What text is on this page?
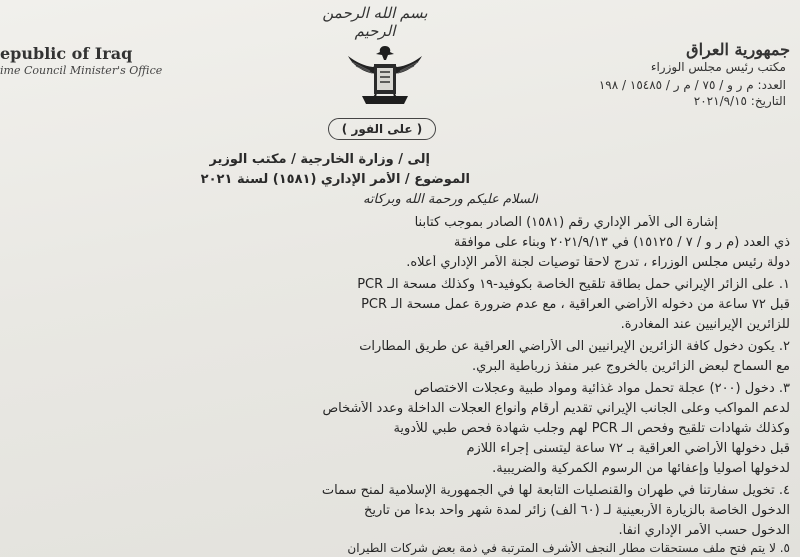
بسم الله الرحمن الرحيم
epublic of Iraq
ime Council Minister's Office
جمهورية العراق
مكتب رئيس مجلس الوزراء
العدد: م ر و / ٧٥ / م ر / ١٥٤٨٥ / ١٩٨
التاريخ: ٢٠٢١/٩/١٥
( على الفور )
إلى / وزارة الخارجية / مكتب الوزير
الموضوع / الأمر الإداري (١٥٨١) لسنة ٢٠٢١
السلام عليكم ورحمة الله وبركاته
إشارة الى الأمر الإداري رقم (١٥٨١) الصادر بموجب كتابنا
ذي العدد (م ر و / ٧ / ١٥١٢٥) في ٢٠٢١/٩/١٣ وبناء على موافقة
دولة رئيس مجلس الوزراء ، تدرج لاحقاً توصيات لجنة الأمر الإداري أعلاه.
١. على الزائر الإيراني حمل بطاقة تلقيح الخاصة بكوفيد-١٩ وكذلك مسحة الـ PCR
قبل ٧٢ ساعة من دخوله الأراضي العراقية ، مع عدم ضرورة عمل مسحة الـ PCR
للزائرين الإيرانيين عند المغادرة.
٢. يكون دخول كافة الزائرين الإيرانيين الى الأراضي العراقية عن طريق المطارات
مع السماح لبعض الزائرين بالخروج عبر منفذ زرباطية البري.
٣. دخول (٢٠٠) عجلة تحمل مواد غذائية ومواد طبية وعجلات الاختصاص
لدعم المواكب وعلى الجانب الإيراني تقديم أرقام وأنواع العجلات الداخلة وعدد الأشخاص
وكذلك شهادات تلقيح وفحص الـ PCR لهم وجلب شهادة فحص طبي للأدوية
قبل دخولها الأراضي العراقية بـ ٧٢ ساعة ليتسنى إجراء اللازم
لدخولها أصولياً وإعفائها من الرسوم الكمركية والضريبية.
٤. تخويل سفارتنا في طهران والقنصليات التابعة لها في الجمهورية الإسلامية لمنح سمات
الدخول الخاصة بالزيارة الأربعينية لـ (٦٠ ألف) زائر لمدة شهر واحد بدءاً من تاريخ
الدخول حسب الأمر الإداري آنفاً.
٥. لا يتم فتح ملف مستحقات مطار النجف الأشرف المترتبة في ذمة بعض شركات الطيران
